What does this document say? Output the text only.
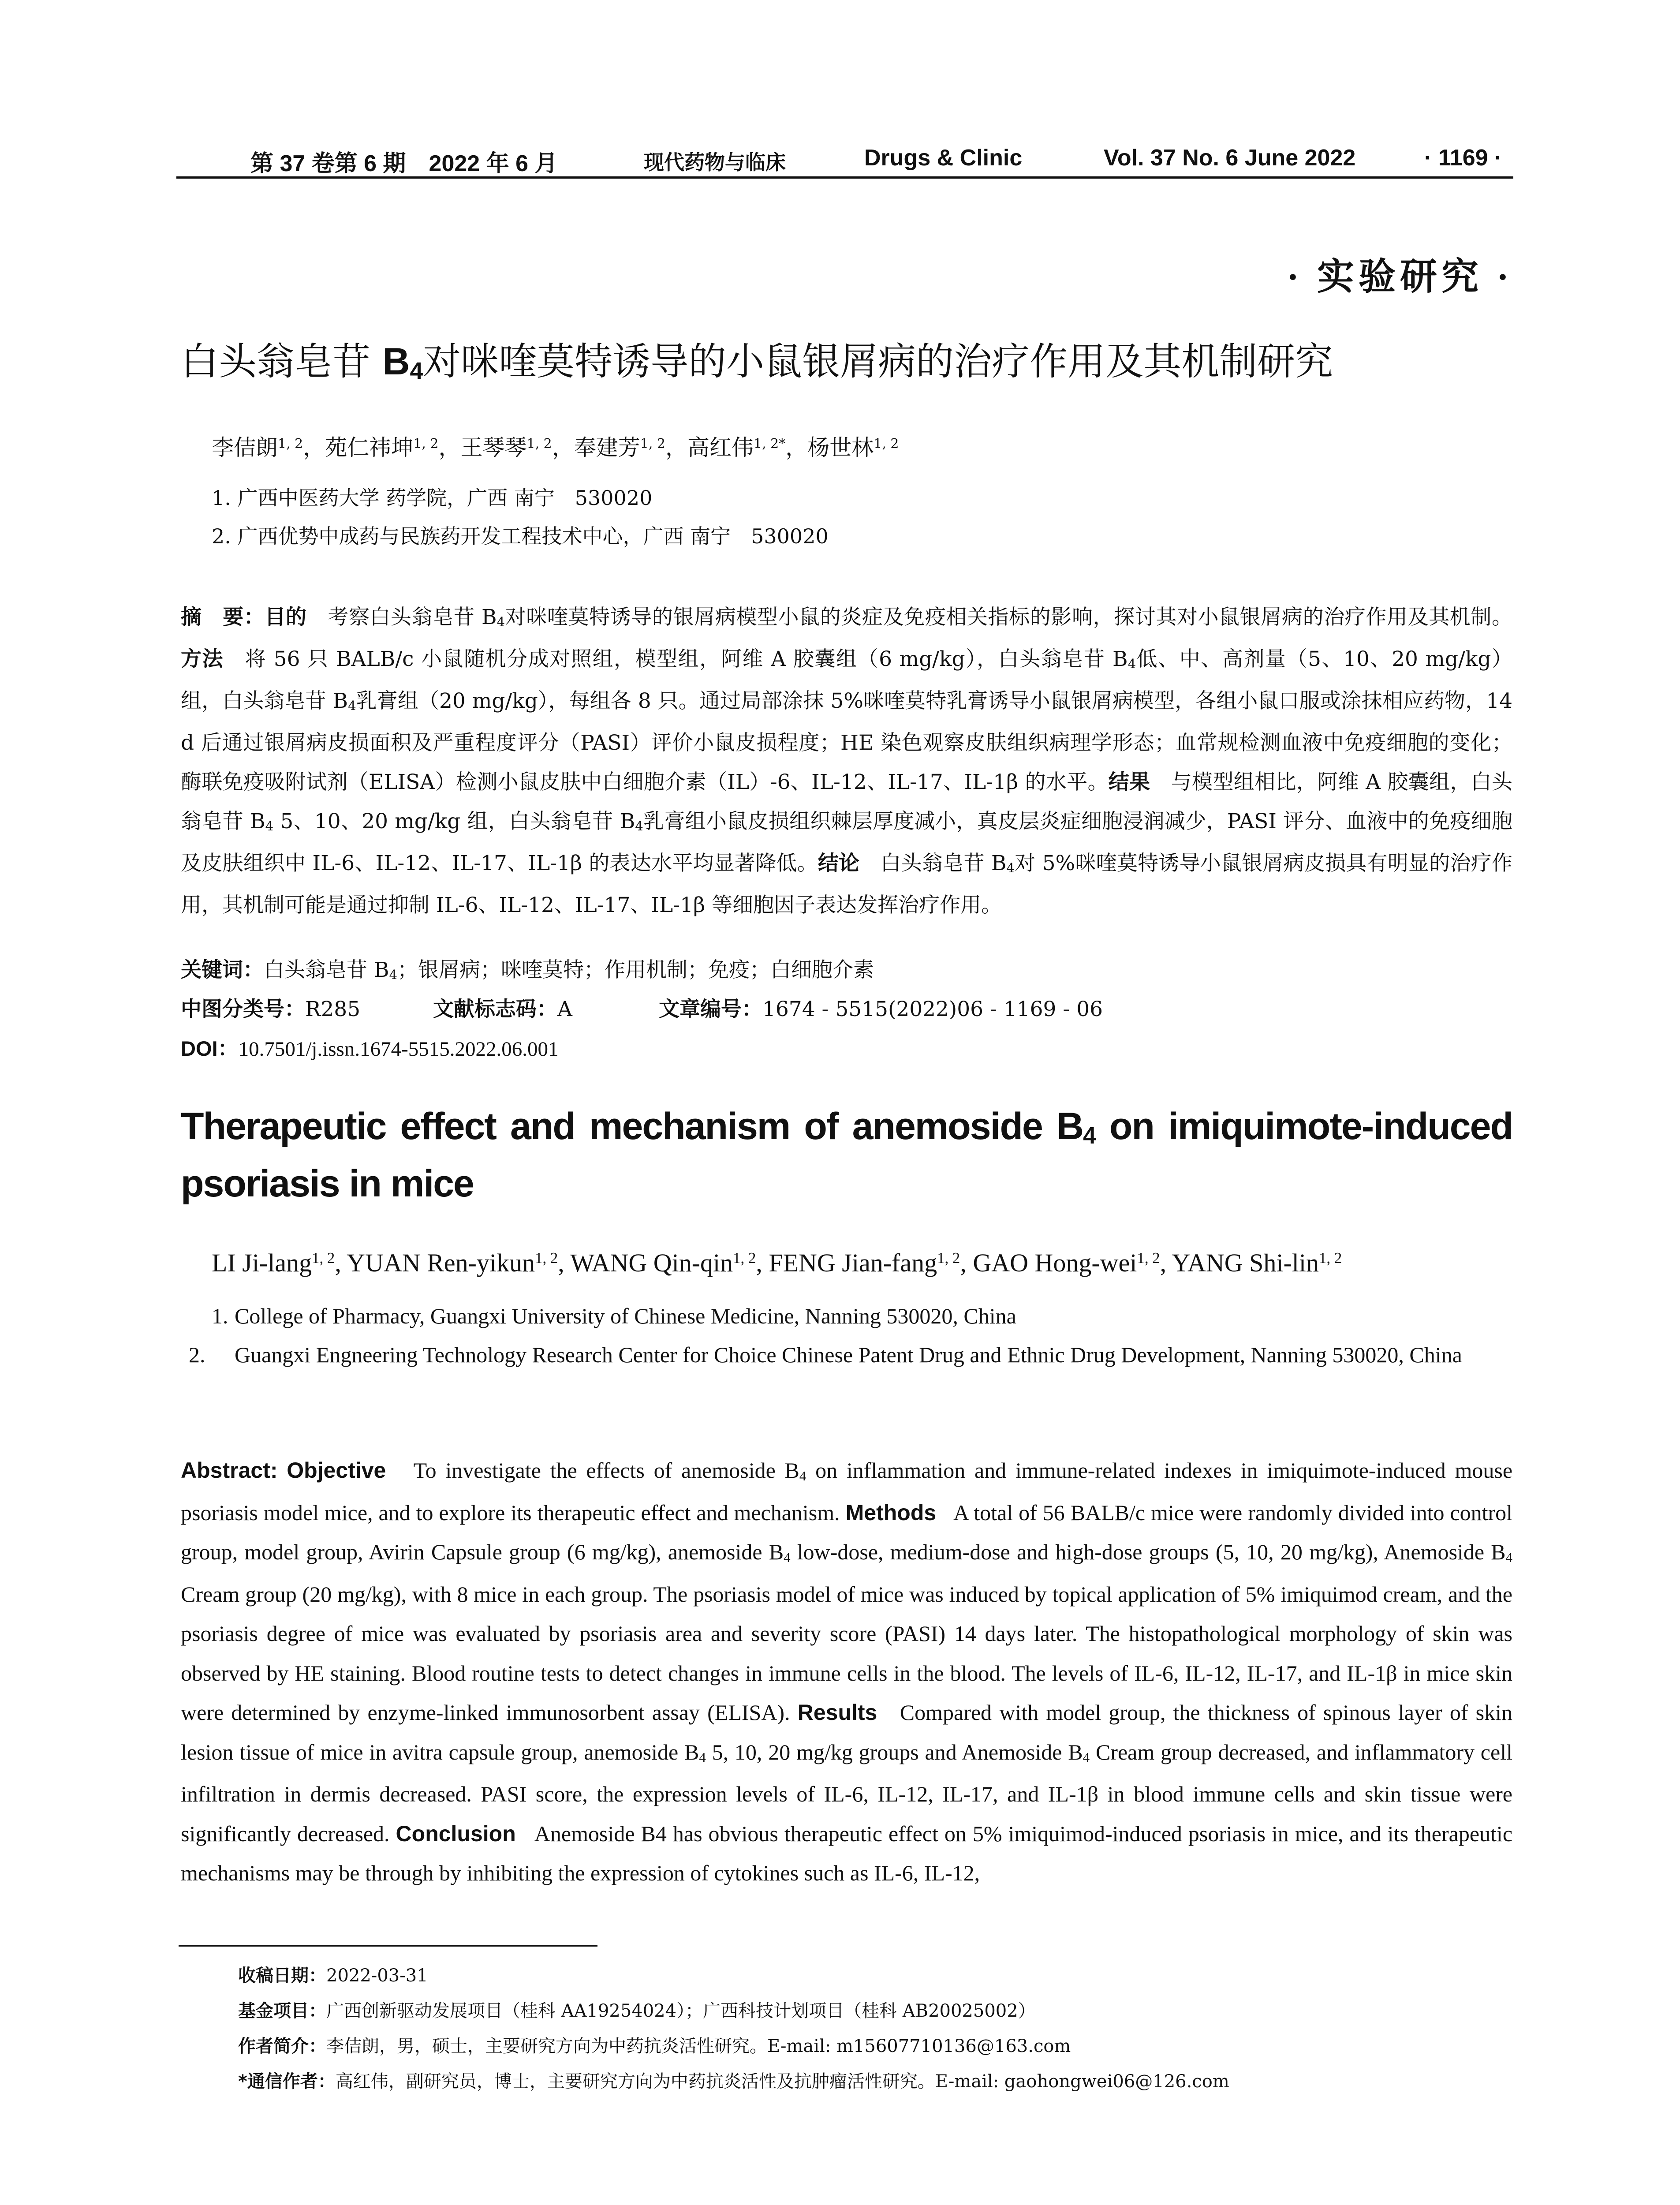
第 37 卷第 6 期　2022 年 6 月	现代药物与临床	Drugs & Clinic	Vol. 37 No. 6 June 2022	· 1169 ·
· 实验研究 ·
白头翁皂苷 $B_4$对咪喹莫特诱导的小鼠银屑病的治疗作用及其机制研究
李佶朗$^{1, 2}$，苑仁祎坤$^{1, 2}$，王琴琴$^{1, 2}$，奉建芳$^{1, 2}$，高红伟$^{1, 2*}$，杨世林$^{1, 2}$
1. 广西中医药大学 药学院，广西 南宁　530020
2. 广西优势中成药与民族药开发工程技术中心，广西 南宁　530020
摘　要：目的　考察白头翁皂苷 $B_4$对咪喹莫特诱导的银屑病模型小鼠的炎症及免疫相关指标的影响，探讨其对小鼠银屑病的治疗作用及其机制。方法　将 56 只 BALB/c 小鼠随机分成对照组，模型组，阿维 A 胶囊组（6 mg/kg），白头翁皂苷 $B_4$低、中、高剂量（5、10、20 mg/kg）组，白头翁皂苷 $B_4$乳膏组（20 mg/kg），每组各 8 只。通过局部涂抹 5%咪喹莫特乳膏诱导小鼠银屑病模型，各组小鼠口服或涂抹相应药物，14 d 后通过银屑病皮损面积及严重程度评分（PASI）评价小鼠皮损程度；HE 染色观察皮肤组织病理学形态；血常规检测血液中免疫细胞的变化；酶联免疫吸附试剂（ELISA）检测小鼠皮肤中白细胞介素（IL）-6、IL-12、IL-17、IL-1β 的水平。结果　与模型组相比，阿维 A 胶囊组，白头翁皂苷 $B_4$ 5、10、20 mg/kg 组，白头翁皂苷 $B_4$乳膏组小鼠皮损组织棘层厚度减小，真皮层炎症细胞浸润减少，PASI 评分、血液中的免疫细胞及皮肤组织中 IL-6、IL-12、IL-17、IL-1β 的表达水平均显著降低。结论　白头翁皂苷 $B_4$对 5%咪喹莫特诱导小鼠银屑病皮损具有明显的治疗作用，其机制可能是通过抑制 IL-6、IL-12、IL-17、IL-1β 等细胞因子表达发挥治疗作用。
关键词：白头翁皂苷 $B_4$；银屑病；咪喹莫特；作用机制；免疫；白细胞介素
中图分类号：R285	文献标志码：A	文章编号：1674 - 5515(2022)06 - 1169 - 06
DOI：10.7501/j.issn.1674-5515.2022.06.001
Therapeutic effect and mechanism of anemoside $B_4$ on imiquimote-induced psoriasis in mice
LI Ji-lang$^{1, 2}$, YUAN Ren-yikun$^{1, 2}$, WANG Qin-qin$^{1, 2}$, FENG Jian-fang$^{1, 2}$, GAO Hong-wei$^{1, 2}$, YANG Shi-lin$^{1, 2}$
1. College of Pharmacy, Guangxi University of Chinese Medicine, Nanning 530020, China
2. Guangxi Engneering Technology Research Center for Choice Chinese Patent Drug and Ethnic Drug Development, Nanning 530020, China
Abstract: Objective To investigate the effects of anemoside $B_4$ on inflammation and immune-related indexes in imiquimote-induced mouse psoriasis model mice, and to explore its therapeutic effect and mechanism. Methods A total of 56 BALB/c mice were randomly divided into control group, model group, Avirin Capsule group (6 mg/kg), anemoside $B_4$ low-dose, medium-dose and high-dose groups (5, 10, 20 mg/kg), Anemoside $B_4$ Cream group (20 mg/kg), with 8 mice in each group. The psoriasis model of mice was induced by topical application of 5% imiquimod cream, and the psoriasis degree of mice was evaluated by psoriasis area and severity score (PASI) 14 days later. The histopathological morphology of skin was observed by HE staining. Blood routine tests to detect changes in immune cells in the blood. The levels of IL-6, IL-12, IL-17, and IL-1β in mice skin were determined by enzyme-linked immunosorbent assay (ELISA). Results Compared with model group, the thickness of spinous layer of skin lesion tissue of mice in avitra capsule group, anemoside $B_4$ 5, 10, 20 mg/kg groups and Anemoside $B_4$ Cream group decreased, and inflammatory cell infiltration in dermis decreased. PASI score, the expression levels of IL-6, IL-12, IL-17, and IL-1β in blood immune cells and skin tissue were significantly decreased. Conclusion Anemoside B4 has obvious therapeutic effect on 5% imiquimod-induced psoriasis in mice, and its therapeutic mechanisms may be through by inhibiting the expression of cytokines such as IL-6, IL-12,
收稿日期：2022-03-31
基金项目：广西创新驱动发展项目（桂科 AA19254024）；广西科技计划项目（桂科 AB20025002）
作者简介：李佶朗，男，硕士，主要研究方向为中药抗炎活性研究。E-mail: m15607710136@163.com
*通信作者：高红伟，副研究员，博士，主要研究方向为中药抗炎活性及抗肿瘤活性研究。E-mail: gaohongwei06@126.com
